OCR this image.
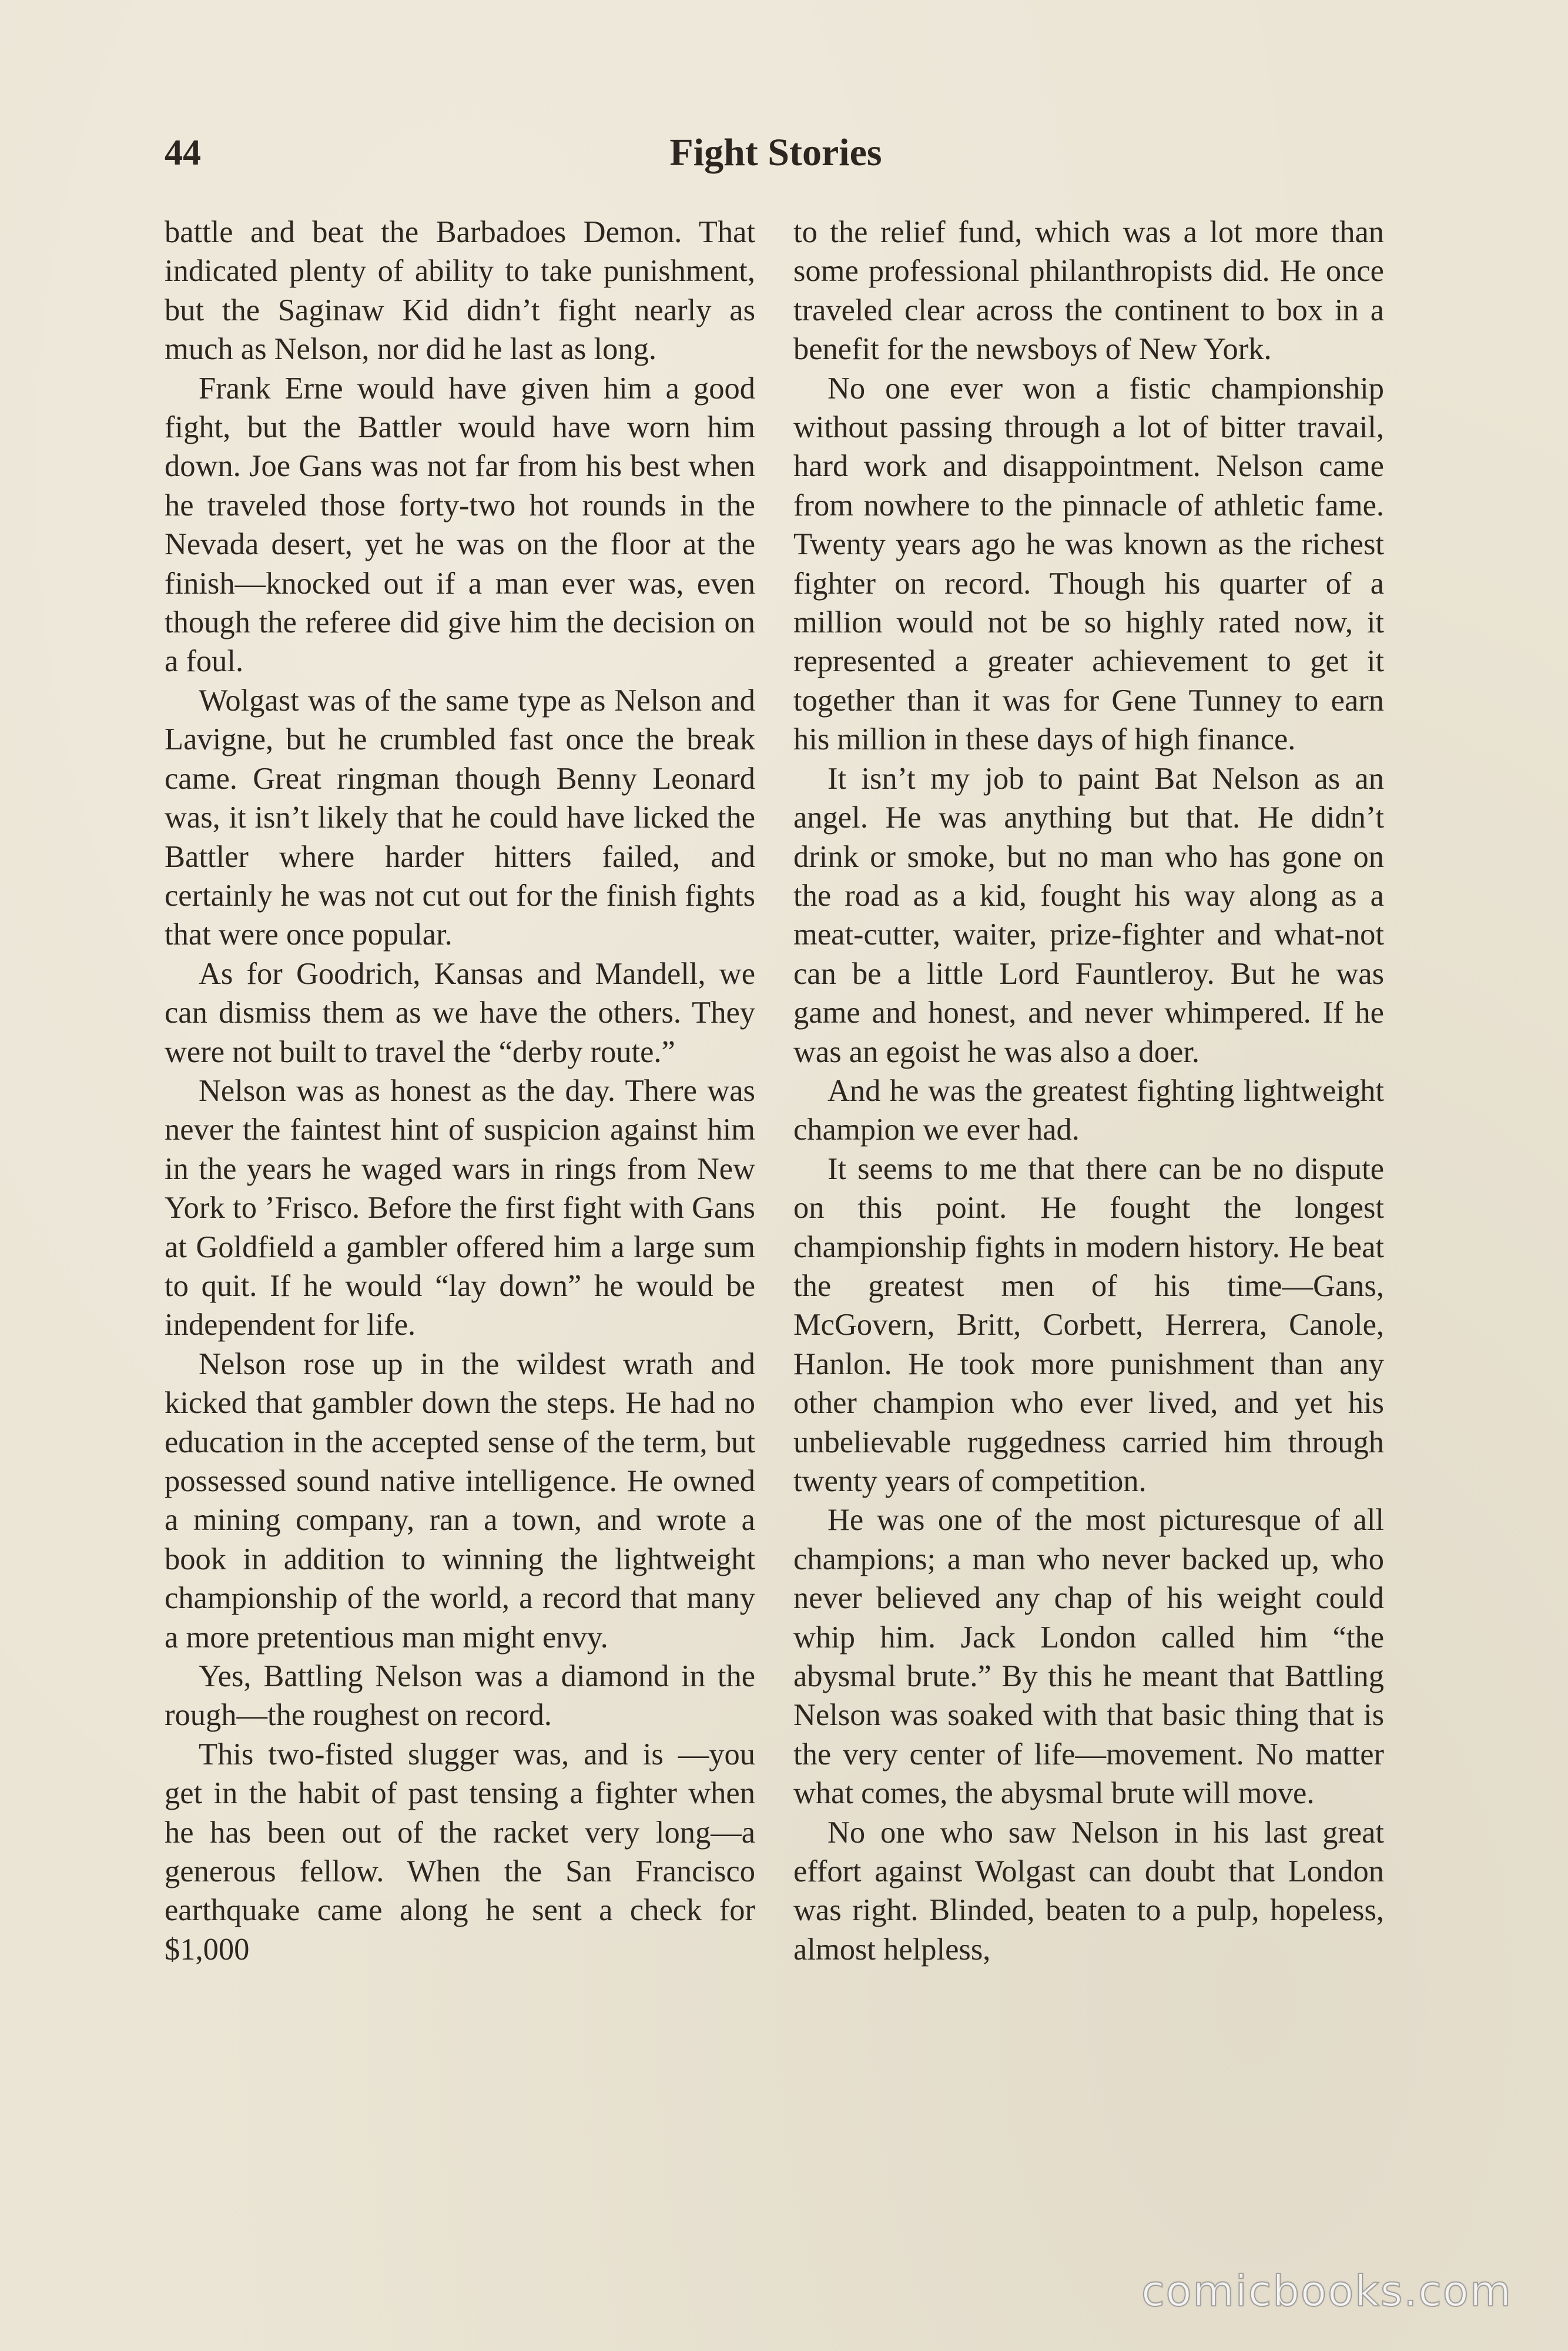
44	Fight Stories

battle and beat the Barbadoes Demon. That indicated plenty of ability to take punishment, but the Saginaw Kid didn’t fight nearly as much as Nelson, nor did he last as long.

Frank Erne would have given him a good fight, but the Battler would have worn him down. Joe Gans was not far from his best when he traveled those forty-two hot rounds in the Nevada desert, yet he was on the floor at the finish—knocked out if a man ever was, even though the referee did give him the decision on a foul.

Wolgast was of the same type as Nelson and Lavigne, but he crumbled fast once the break came. Great ringman though Benny Leonard was, it isn’t likely that he could have licked the Battler where harder hitters failed, and certainly he was not cut out for the finish fights that were once popular.

As for Goodrich, Kansas and Mandell, we can dismiss them as we have the others. They were not built to travel the “derby route.”

Nelson was as honest as the day. There was never the faintest hint of suspicion against him in the years he waged wars in rings from New York to ’Frisco. Before the first fight with Gans at Goldfield a gambler offered him a large sum to quit. If he would “lay down” he would be independent for life.

Nelson rose up in the wildest wrath and kicked that gambler down the steps. He had no education in the accepted sense of the term, but possessed sound native intelligence. He owned a mining company, ran a town, and wrote a book in addition to winning the lightweight championship of the world, a record that many a more pretentious man might envy.

Yes, Battling Nelson was a diamond in the rough—the roughest on record.

This two-fisted slugger was, and is —you get in the habit of past tensing a fighter when he has been out of the racket very long—a generous fellow. When the San Francisco earthquake came along he sent a check for $1,000

to the relief fund, which was a lot more than some professional philanthropists did. He once traveled clear across the continent to box in a benefit for the newsboys of New York.

No one ever won a fistic championship without passing through a lot of bitter travail, hard work and disappointment. Nelson came from nowhere to the pinnacle of athletic fame. Twenty years ago he was known as the richest fighter on record. Though his quarter of a million would not be so highly rated now, it represented a greater achievement to get it together than it was for Gene Tunney to earn his million in these days of high finance.

It isn’t my job to paint Bat Nelson as an angel. He was anything but that. He didn’t drink or smoke, but no man who has gone on the road as a kid, fought his way along as a meat-cutter, waiter, prize-fighter and what-not can be a little Lord Fauntleroy. But he was game and honest, and never whimpered. If he was an egoist he was also a doer.

And he was the greatest fighting lightweight champion we ever had.

It seems to me that there can be no dispute on this point. He fought the longest championship fights in modern history. He beat the greatest men of his time—Gans, McGovern, Britt, Corbett, Herrera, Canole, Hanlon. He took more punishment than any other champion who ever lived, and yet his unbelievable ruggedness carried him through twenty years of competition.

He was one of the most picturesque of all champions; a man who never backed up, who never believed any chap of his weight could whip him. Jack London called him “the abysmal brute.” By this he meant that Battling Nelson was soaked with that basic thing that is the very center of life—movement. No matter what comes, the abysmal brute will move.

No one who saw Nelson in his last great effort against Wolgast can doubt that London was right. Blinded, beaten to a pulp, hopeless, almost helpless,

comicbooks.com
